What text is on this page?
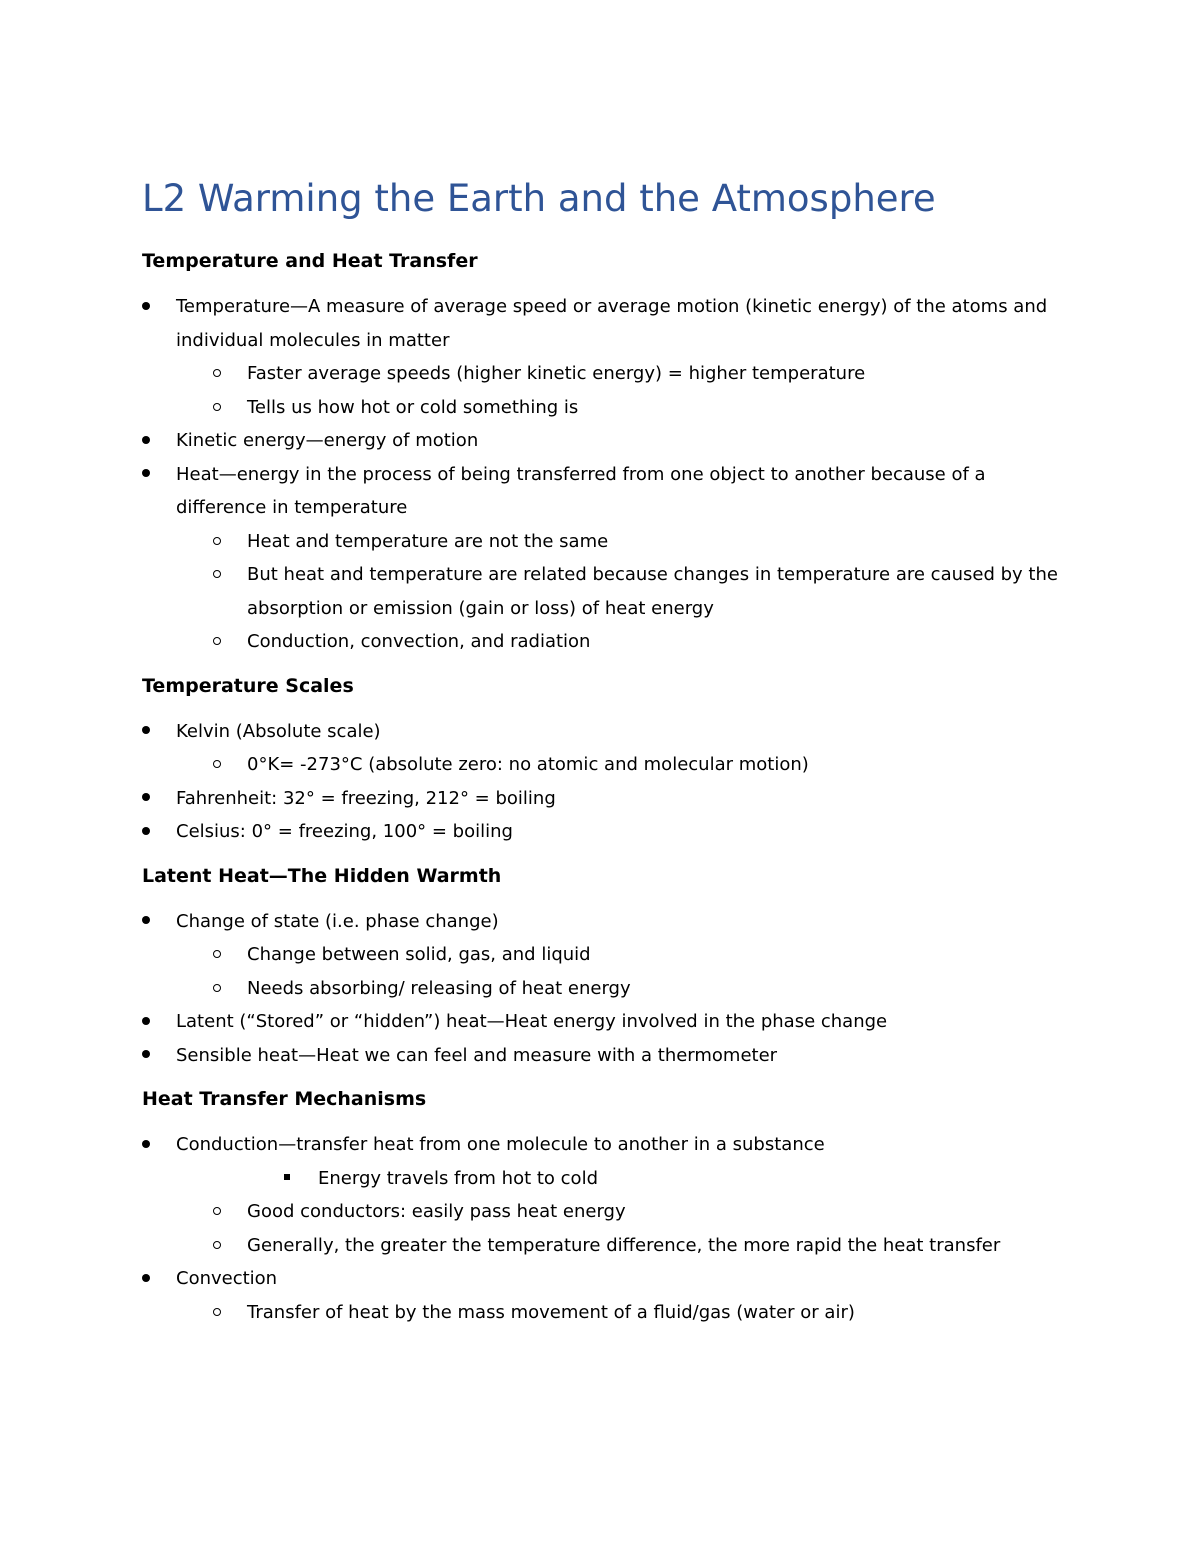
L2 Warming the Earth and the Atmosphere
Temperature and Heat Transfer
Temperature—A measure of average speed or average motion (kinetic energy) of the atoms and individual molecules in matter
Faster average speeds (higher kinetic energy) = higher temperature
Tells us how hot or cold something is
Kinetic energy—energy of motion
Heat—energy in the process of being transferred from one object to another because of a difference in temperature
Heat and temperature are not the same
But heat and temperature are related because changes in temperature are caused by the absorption or emission (gain or loss) of heat energy
Conduction, convection, and radiation
Temperature Scales
Kelvin (Absolute scale)
0°K= -273°C (absolute zero: no atomic and molecular motion)
Fahrenheit: 32° = freezing, 212° = boiling
Celsius: 0° = freezing, 100° = boiling
Latent Heat—The Hidden Warmth
Change of state (i.e. phase change)
Change between solid, gas, and liquid
Needs absorbing/ releasing of heat energy
Latent (“Stored” or “hidden”) heat—Heat energy involved in the phase change
Sensible heat—Heat we can feel and measure with a thermometer
Heat Transfer Mechanisms
Conduction—transfer heat from one molecule to another in a substance
Energy travels from hot to cold
Good conductors: easily pass heat energy
Generally, the greater the temperature difference, the more rapid the heat transfer
Convection
Transfer of heat by the mass movement of a fluid/gas (water or air)
